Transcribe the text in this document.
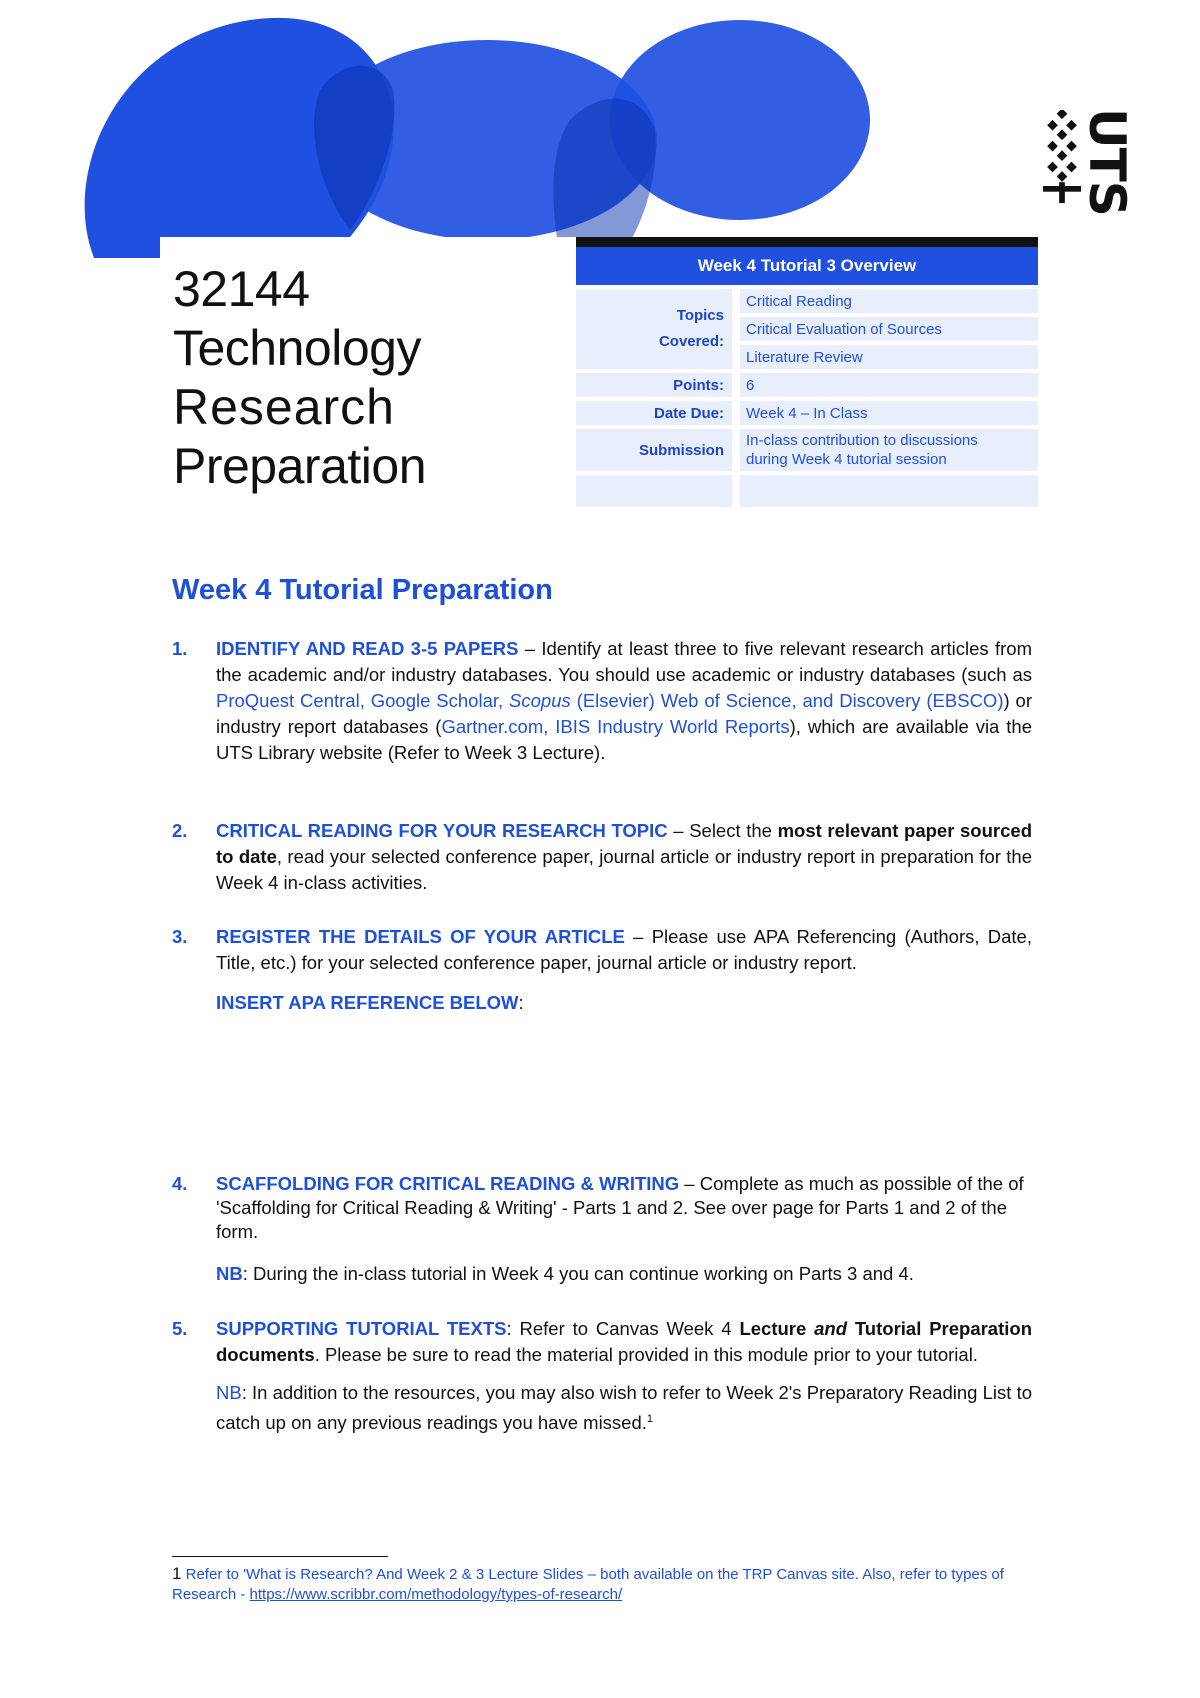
UTS
32144
Technology
Research
Preparation
Week 4 Tutorial 3 Overview
Topics
Covered:
Critical Reading
Critical Evaluation of Sources
Literature Review
Points:	6
Date Due:	Week 4 – In Class
Submission
In-class contribution to discussions
during Week 4 tutorial session
Week 4 Tutorial Preparation
1. IDENTIFY AND READ 3-5 PAPERS – Identify at least three to five relevant research articles from the academic and/or industry databases. You should use academic or industry databases (such as ProQuest Central, Google Scholar, Scopus (Elsevier) Web of Science, and Discovery (EBSCO)) or industry report databases (Gartner.com, IBIS Industry World Reports), which are available via the UTS Library website (Refer to Week 3 Lecture).
2. CRITICAL READING FOR YOUR RESEARCH TOPIC – Select the most relevant paper sourced to date, read your selected conference paper, journal article or industry report in preparation for the Week 4 in-class activities.
3. REGISTER THE DETAILS OF YOUR ARTICLE – Please use APA Referencing (Authors, Date, Title, etc.) for your selected conference paper, journal article or industry report.
INSERT APA REFERENCE BELOW:
4. SCAFFOLDING FOR CRITICAL READING & WRITING – Complete as much as possible of the of 'Scaffolding for Critical Reading & Writing' - Parts 1 and 2. See over page for Parts 1 and 2 of the form.
NB: During the in-class tutorial in Week 4 you can continue working on Parts 3 and 4.
5. SUPPORTING TUTORIAL TEXTS: Refer to Canvas Week 4 Lecture and Tutorial Preparation documents. Please be sure to read the material provided in this module prior to your tutorial.
NB: In addition to the resources, you may also wish to refer to Week 2's Preparatory Reading List to catch up on any previous readings you have missed.$^1$
1 Refer to 'What is Research? And Week 2 & 3 Lecture Slides – both available on the TRP Canvas site. Also, refer to types of Research - https://www.scribbr.com/methodology/types-of-research/
